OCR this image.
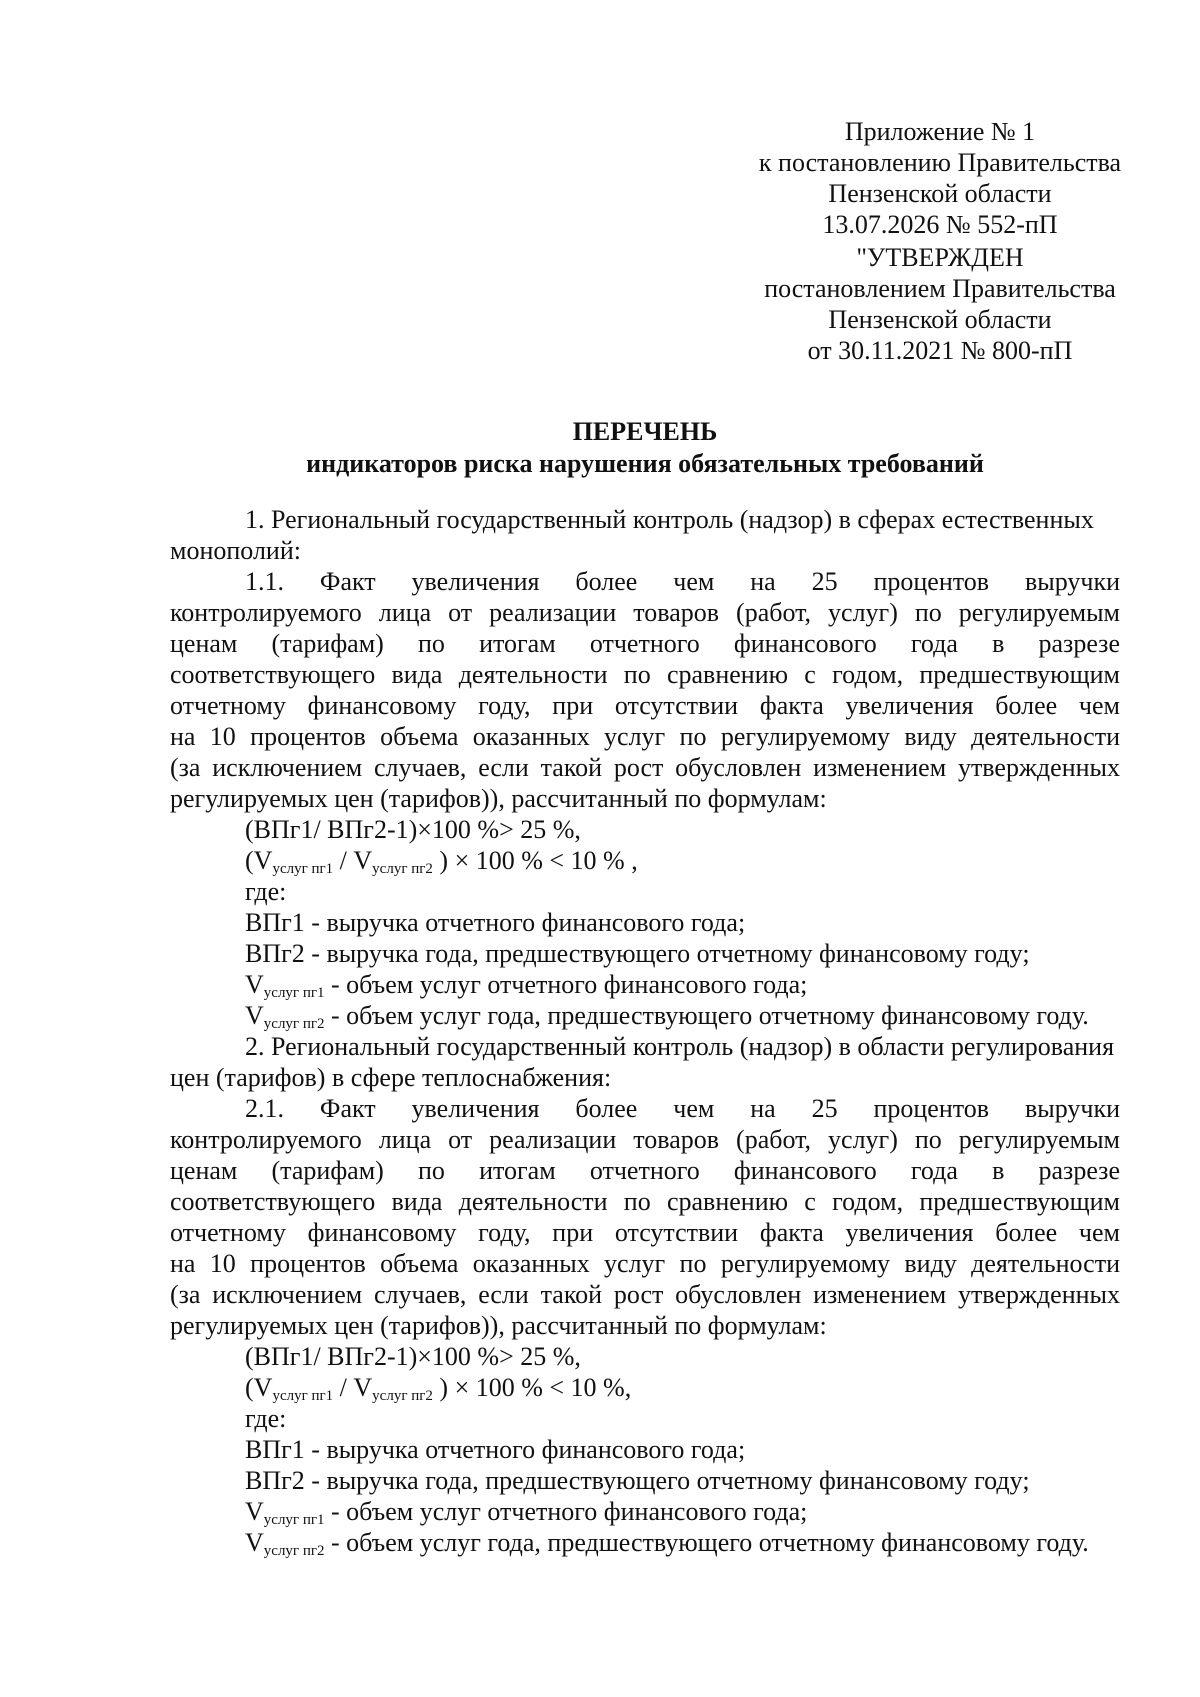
Приложение № 1
к постановлению Правительства
Пензенской области
13.07.2026 № 552-пП
"УТВЕРЖДЕН
постановлением Правительства
Пензенской области
от 30.11.2021 № 800-пП
ПЕРЕЧЕНЬ
индикаторов риска нарушения обязательных требований
1. Региональный государственный контроль (надзор) в сферах естественных
монополий:
1.1. Факт увеличения более чем на 25 процентов выручки
контролируемого лица от реализации товаров (работ, услуг) по регулируемым
ценам (тарифам) по итогам отчетного финансового года в разрезе
соответствующего вида деятельности по сравнению с годом, предшествующим
отчетному финансовому году, при отсутствии факта увеличения более чем
на 10 процентов объема оказанных услуг по регулируемому виду деятельности
(за исключением случаев, если такой рост обусловлен изменением утвержденных
регулируемых цен (тарифов)), рассчитанный по формулам:
(ВПг1/ ВПг2-1)×100 %> 25 %,
($V_{услуг пг1} / V_{услуг пг2}$ ) × 100 % < 10 % ,
где:
ВПг1 - выручка отчетного финансового года;
ВПг2 - выручка года, предшествующего отчетному финансовому году;
$V_{услуг пг1}$ - объем услуг отчетного финансового года;
$V_{услуг пг2}$ - объем услуг года, предшествующего отчетному финансовому году.
2. Региональный государственный контроль (надзор) в области регулирования
цен (тарифов) в сфере теплоснабжения:
2.1. Факт увеличения более чем на 25 процентов выручки
контролируемого лица от реализации товаров (работ, услуг) по регулируемым
ценам (тарифам) по итогам отчетного финансового года в разрезе
соответствующего вида деятельности по сравнению с годом, предшествующим
отчетному финансовому году, при отсутствии факта увеличения более чем
на 10 процентов объема оказанных услуг по регулируемому виду деятельности
(за исключением случаев, если такой рост обусловлен изменением утвержденных
регулируемых цен (тарифов)), рассчитанный по формулам:
(ВПг1/ ВПг2-1)×100 %> 25 %,
($V_{услуг пг1} / V_{услуг пг2}$ ) × 100 % < 10 %,
где:
ВПг1 - выручка отчетного финансового года;
ВПг2 - выручка года, предшествующего отчетному финансовому году;
$V_{услуг пг1}$ - объем услуг отчетного финансового года;
$V_{услуг пг2}$ - объем услуг года, предшествующего отчетному финансовому году.
